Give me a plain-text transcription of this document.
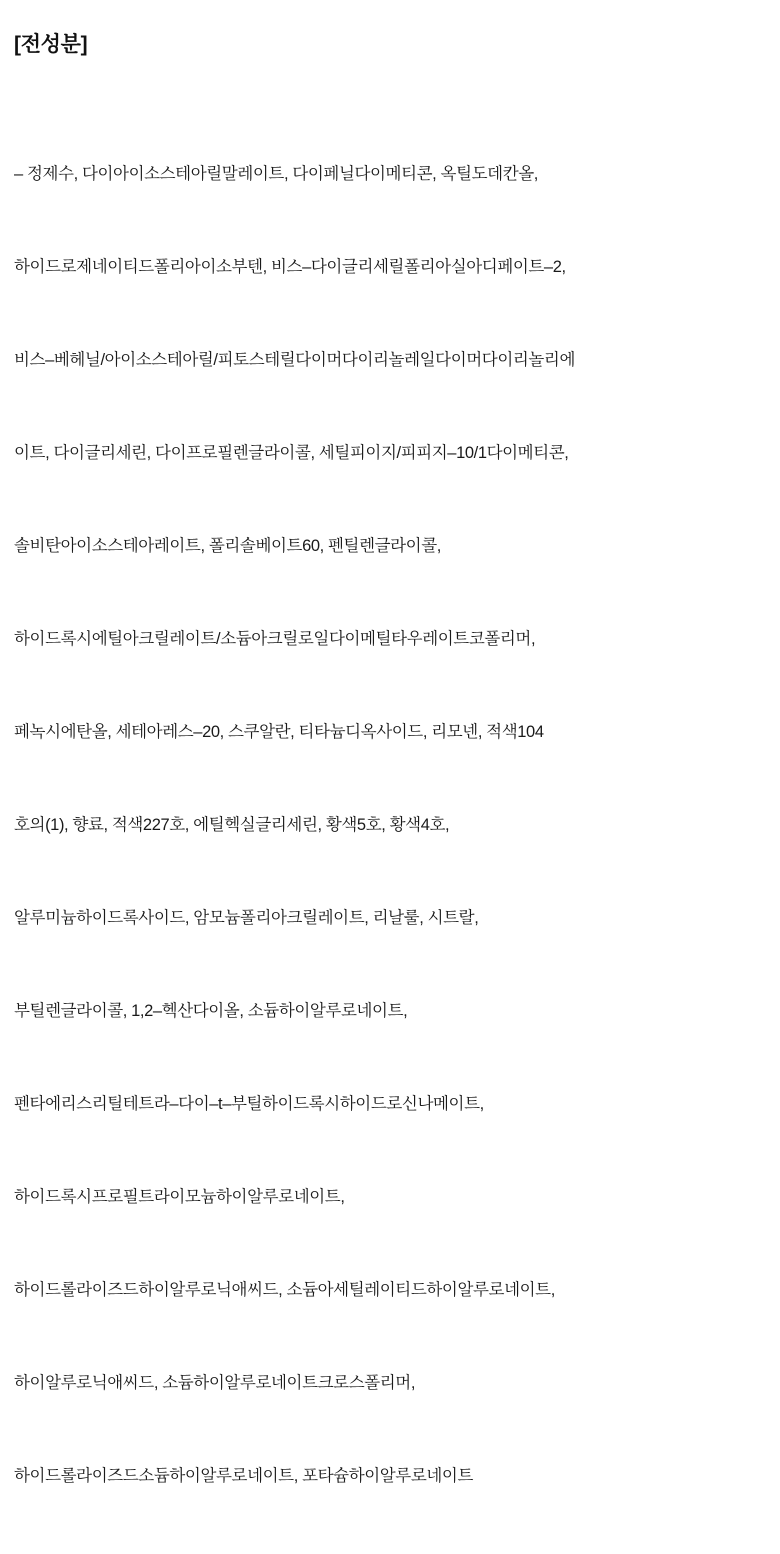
[전성분]

– 정제수, 다이아이소스테아릴말레이트, 다이페닐다이메티콘, 옥틸도데칸올,

하이드로제네이티드폴리아이소부텐, 비스–다이글리세릴폴리아실아디페이트–2,

비스–베헤닐/아이소스테아릴/피토스테릴다이머다이리놀레일다이머다이리놀리에

이트, 다이글리세린, 다이프로필렌글라이콜, 세틸피이지/피피지–10/1다이메티콘,

솔비탄아이소스테아레이트, 폴리솔베이트60, 펜틸렌글라이콜,

하이드록시에틸아크릴레이트/소듐아크릴로일다이메틸타우레이트코폴리머,

페녹시에탄올, 세테아레스–20, 스쿠알란, 티타늄디옥사이드, 리모넨, 적색104

호의(1), 향료, 적색227호, 에틸헥실글리세린, 황색5호, 황색4호,

알루미늄하이드록사이드, 암모늄폴리아크릴레이트, 리날룰, 시트랄,

부틸렌글라이콜, 1,2–헥산다이올, 소듐하이알루로네이트,

펜타에리스리틸테트라–다이–t–부틸하이드록시하이드로신나메이트,

하이드록시프로필트라이모늄하이알루로네이트,

하이드롤라이즈드하이알루로닉애씨드, 소듐아세틸레이티드하이알루로네이트,

하이알루로닉애씨드, 소듐하이알루로네이트크로스폴리머,

하이드롤라이즈드소듐하이알루로네이트, 포타슘하이알루로네이트
